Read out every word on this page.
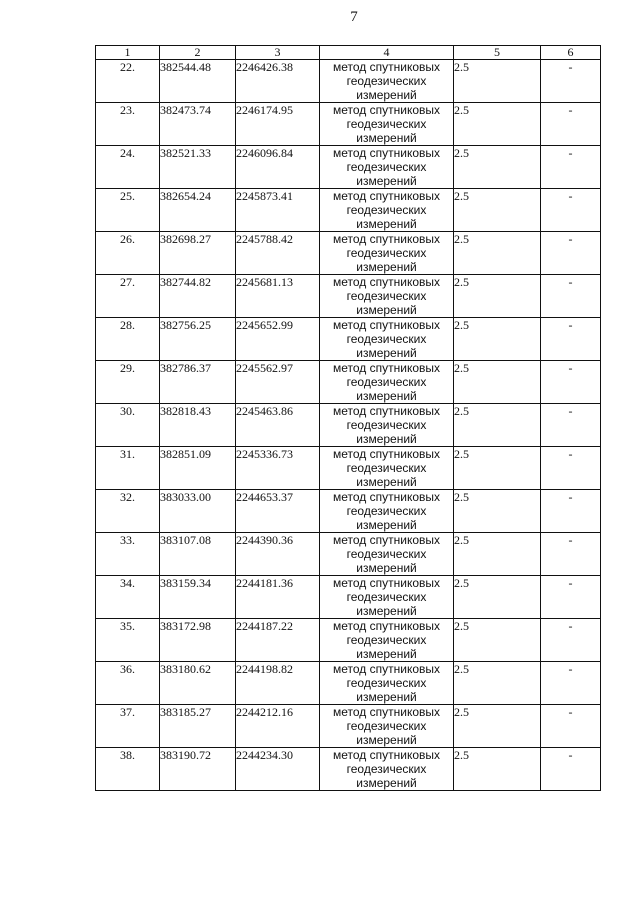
7
1	2	3	4	5	6
22.	382544.48	2246426.38	метод спутниковых геодезических измерений	2.5	-
23.	382473.74	2246174.95	метод спутниковых геодезических измерений	2.5	-
24.	382521.33	2246096.84	метод спутниковых геодезических измерений	2.5	-
25.	382654.24	2245873.41	метод спутниковых геодезических измерений	2.5	-
26.	382698.27	2245788.42	метод спутниковых геодезических измерений	2.5	-
27.	382744.82	2245681.13	метод спутниковых геодезических измерений	2.5	-
28.	382756.25	2245652.99	метод спутниковых геодезических измерений	2.5	-
29.	382786.37	2245562.97	метод спутниковых геодезических измерений	2.5	-
30.	382818.43	2245463.86	метод спутниковых геодезических измерений	2.5	-
31.	382851.09	2245336.73	метод спутниковых геодезических измерений	2.5	-
32.	383033.00	2244653.37	метод спутниковых геодезических измерений	2.5	-
33.	383107.08	2244390.36	метод спутниковых геодезических измерений	2.5	-
34.	383159.34	2244181.36	метод спутниковых геодезических измерений	2.5	-
35.	383172.98	2244187.22	метод спутниковых геодезических измерений	2.5	-
36.	383180.62	2244198.82	метод спутниковых геодезических измерений	2.5	-
37.	383185.27	2244212.16	метод спутниковых геодезических измерений	2.5	-
38.	383190.72	2244234.30	метод спутниковых геодезических измерений	2.5	-
